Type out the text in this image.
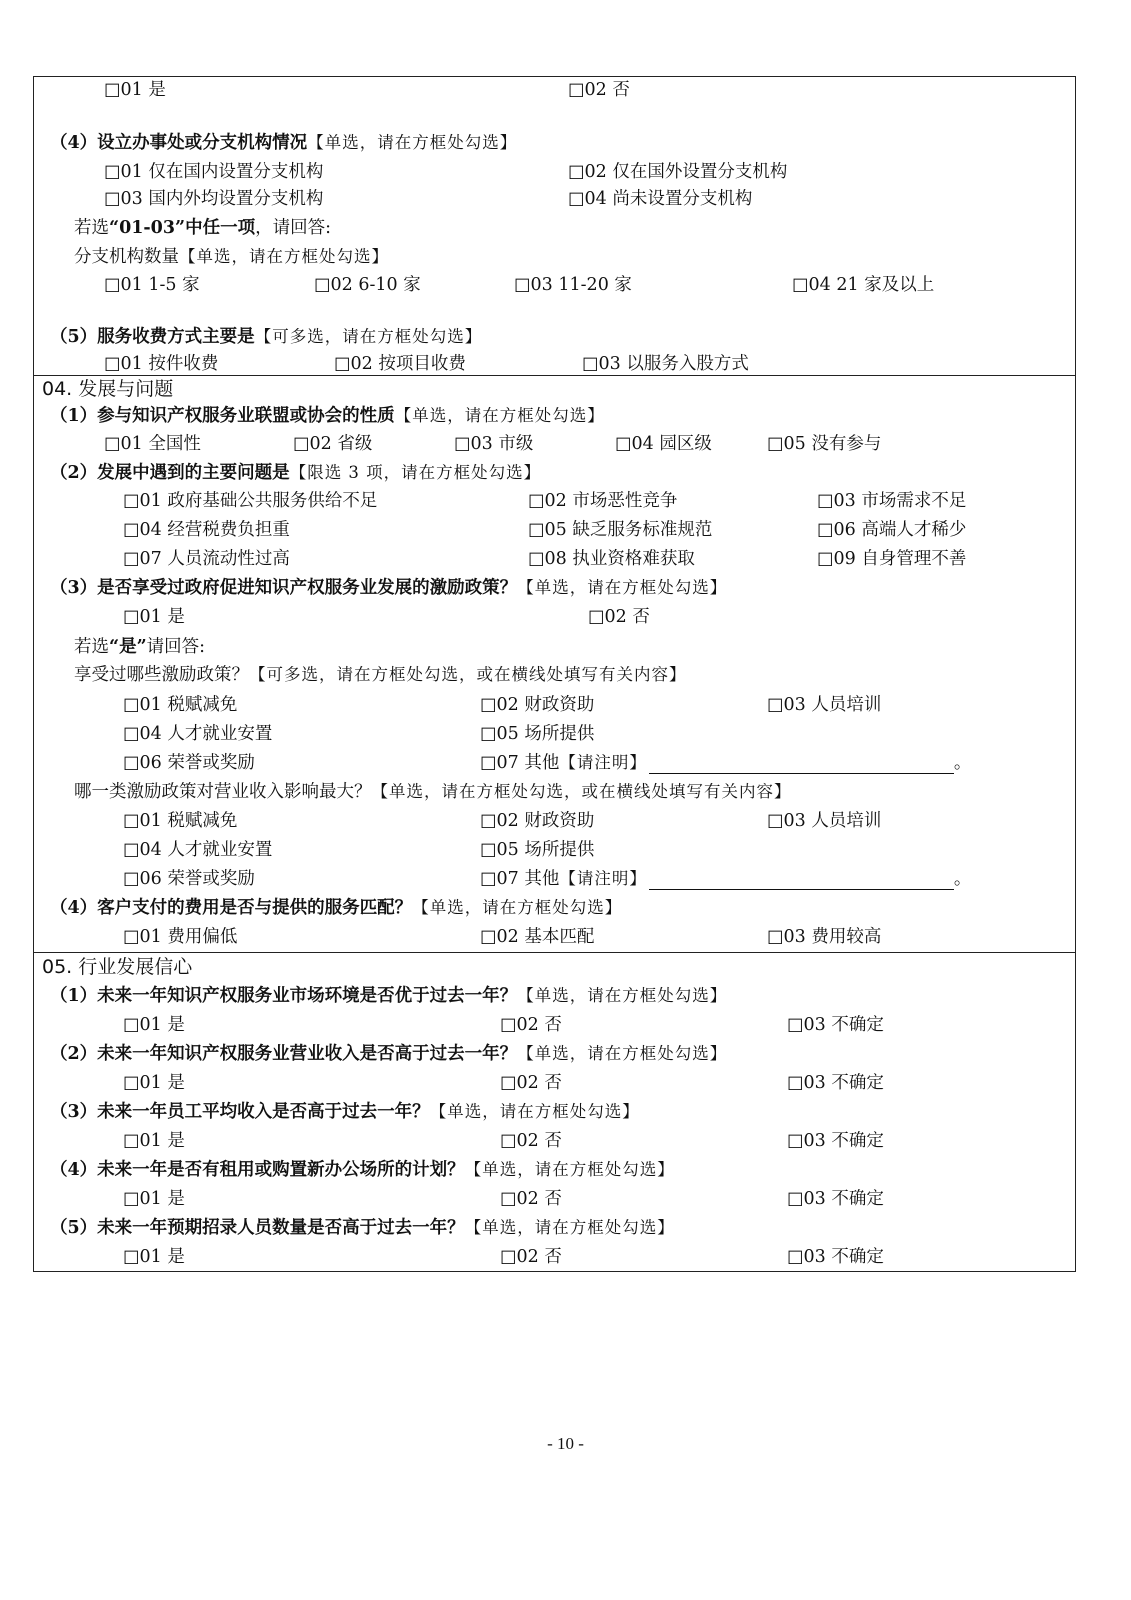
□ 01 是	□ 02 否
（4）设立办事处或分支机构情况【单选，请在方框处勾选】
□ 01 仅在国内设置分支机构	□ 02 仅在国外设置分支机构
□ 03 国内外均设置分支机构	□ 04 尚未设置分支机构
若选“01-03”中任一项，请回答:
分支机构数量【单选，请在方框处勾选】
□ 01 1-5 家	□ 02 6-10 家	□ 03 11-20 家	□ 04 21 家及以上
（5）服务收费方式主要是【可多选，请在方框处勾选】
□ 01 按件收费	□ 02 按项目收费	□ 03 以服务入股方式
04. 发展与问题
（1）参与知识产权服务业联盟或协会的性质【单选，请在方框处勾选】
□ 01 全国性	□ 02 省级	□ 03 市级	□ 04 园区级	□ 05 没有参与
（2）发展中遇到的主要问题是【限选 3 项，请在方框处勾选】
□ 01 政府基础公共服务供给不足	□ 02 市场恶性竞争	□ 03 市场需求不足
□ 04 经营税费负担重	□ 05 缺乏服务标准规范	□ 06 高端人才稀少
□ 07 人员流动性过高	□ 08 执业资格难获取	□ 09 自身管理不善
（3）是否享受过政府促进知识产权服务业发展的激励政策？【单选，请在方框处勾选】
□ 01 是	□ 02 否
若选“是”请回答:
享受过哪些激励政策？【可多选，请在方框处勾选，或在横线处填写有关内容】
□ 01 税赋减免	□ 02 财政资助	□ 03 人员培训
□ 04 人才就业安置	□ 05 场所提供
□ 06 荣誉或奖励	□ 07 其他【请注明】	。
哪一类激励政策对营业收入影响最大？【单选，请在方框处勾选，或在横线处填写有关内容】
□ 01 税赋减免	□ 02 财政资助	□ 03 人员培训
□ 04 人才就业安置	□ 05 场所提供
□ 06 荣誉或奖励	□ 07 其他【请注明】	。
（4）客户支付的费用是否与提供的服务匹配？【单选，请在方框处勾选】
□ 01 费用偏低	□ 02 基本匹配	□ 03 费用较高
05. 行业发展信心
（1）未来一年知识产权服务业市场环境是否优于过去一年？【单选，请在方框处勾选】
□ 01 是	□ 02 否	□ 03 不确定
（2）未来一年知识产权服务业营业收入是否高于过去一年？【单选，请在方框处勾选】
□ 01 是	□ 02 否	□ 03 不确定
（3）未来一年员工平均收入是否高于过去一年？【单选，请在方框处勾选】
□ 01 是	□ 02 否	□ 03 不确定
（4）未来一年是否有租用或购置新办公场所的计划？【单选，请在方框处勾选】
□ 01 是	□ 02 否	□ 03 不确定
（5）未来一年预期招录人员数量是否高于过去一年？【单选，请在方框处勾选】
□ 01 是	□ 02 否	□ 03 不确定
- 10 -
